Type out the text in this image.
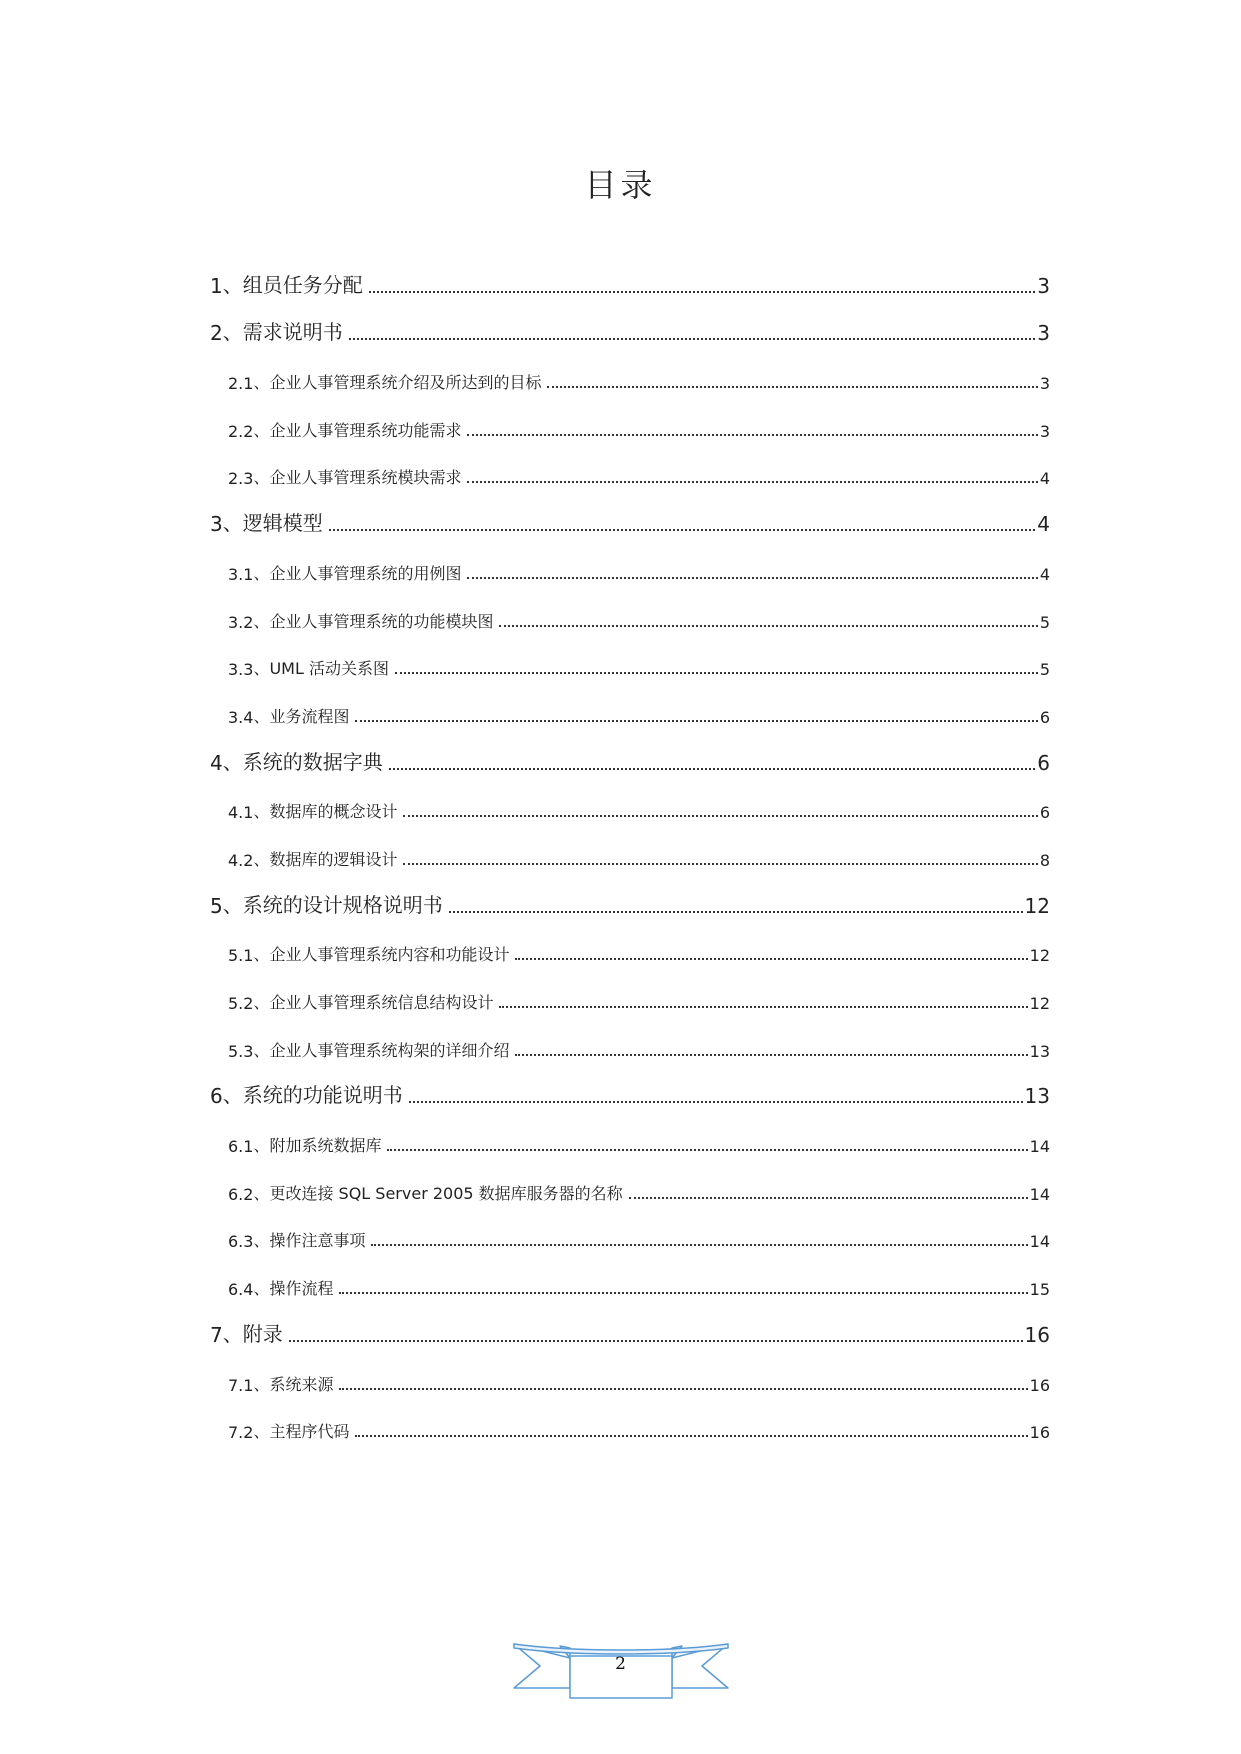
目录
1 、 组员任务分配	3
2 、 需求说明书	3
2.1 、 企业人事管理系统介绍及所达到的目标	3
2.2 、 企业人事管理系统功能需求	3
2.3 、 企业人事管理系统模块需求	4
3 、 逻辑模型	4
3.1 、 企业人事管理系统的用例图	4
3.2 、 企业人事管理系统的功能模块图	5
3.3 、 UML 活动关系图	5
3.4 、 业务流程图	6
4 、 系统的数据字典	6
4.1 、 数据库的概念设计	6
4.2 、 数据库的逻辑设计	8
5 、 系统的设计规格说明书	12
5.1 、 企业人事管理系统内容和功能设计	12
5.2 、 企业人事管理系统信息结构设计	12
5.3 、 企业人事管理系统构架的详细介绍	13
6 、 系统的功能说明书	13
6.1 、 附加系统数据库	14
6.2 、 更改连接 SQL Server 2005 数据库服务器的名称	14
6.3 、 操作注意事项	14
6.4 、 操作流程	15
7 、 附录	16
7.1 、 系统来源	16
7.2 、 主程序代码	16
2
